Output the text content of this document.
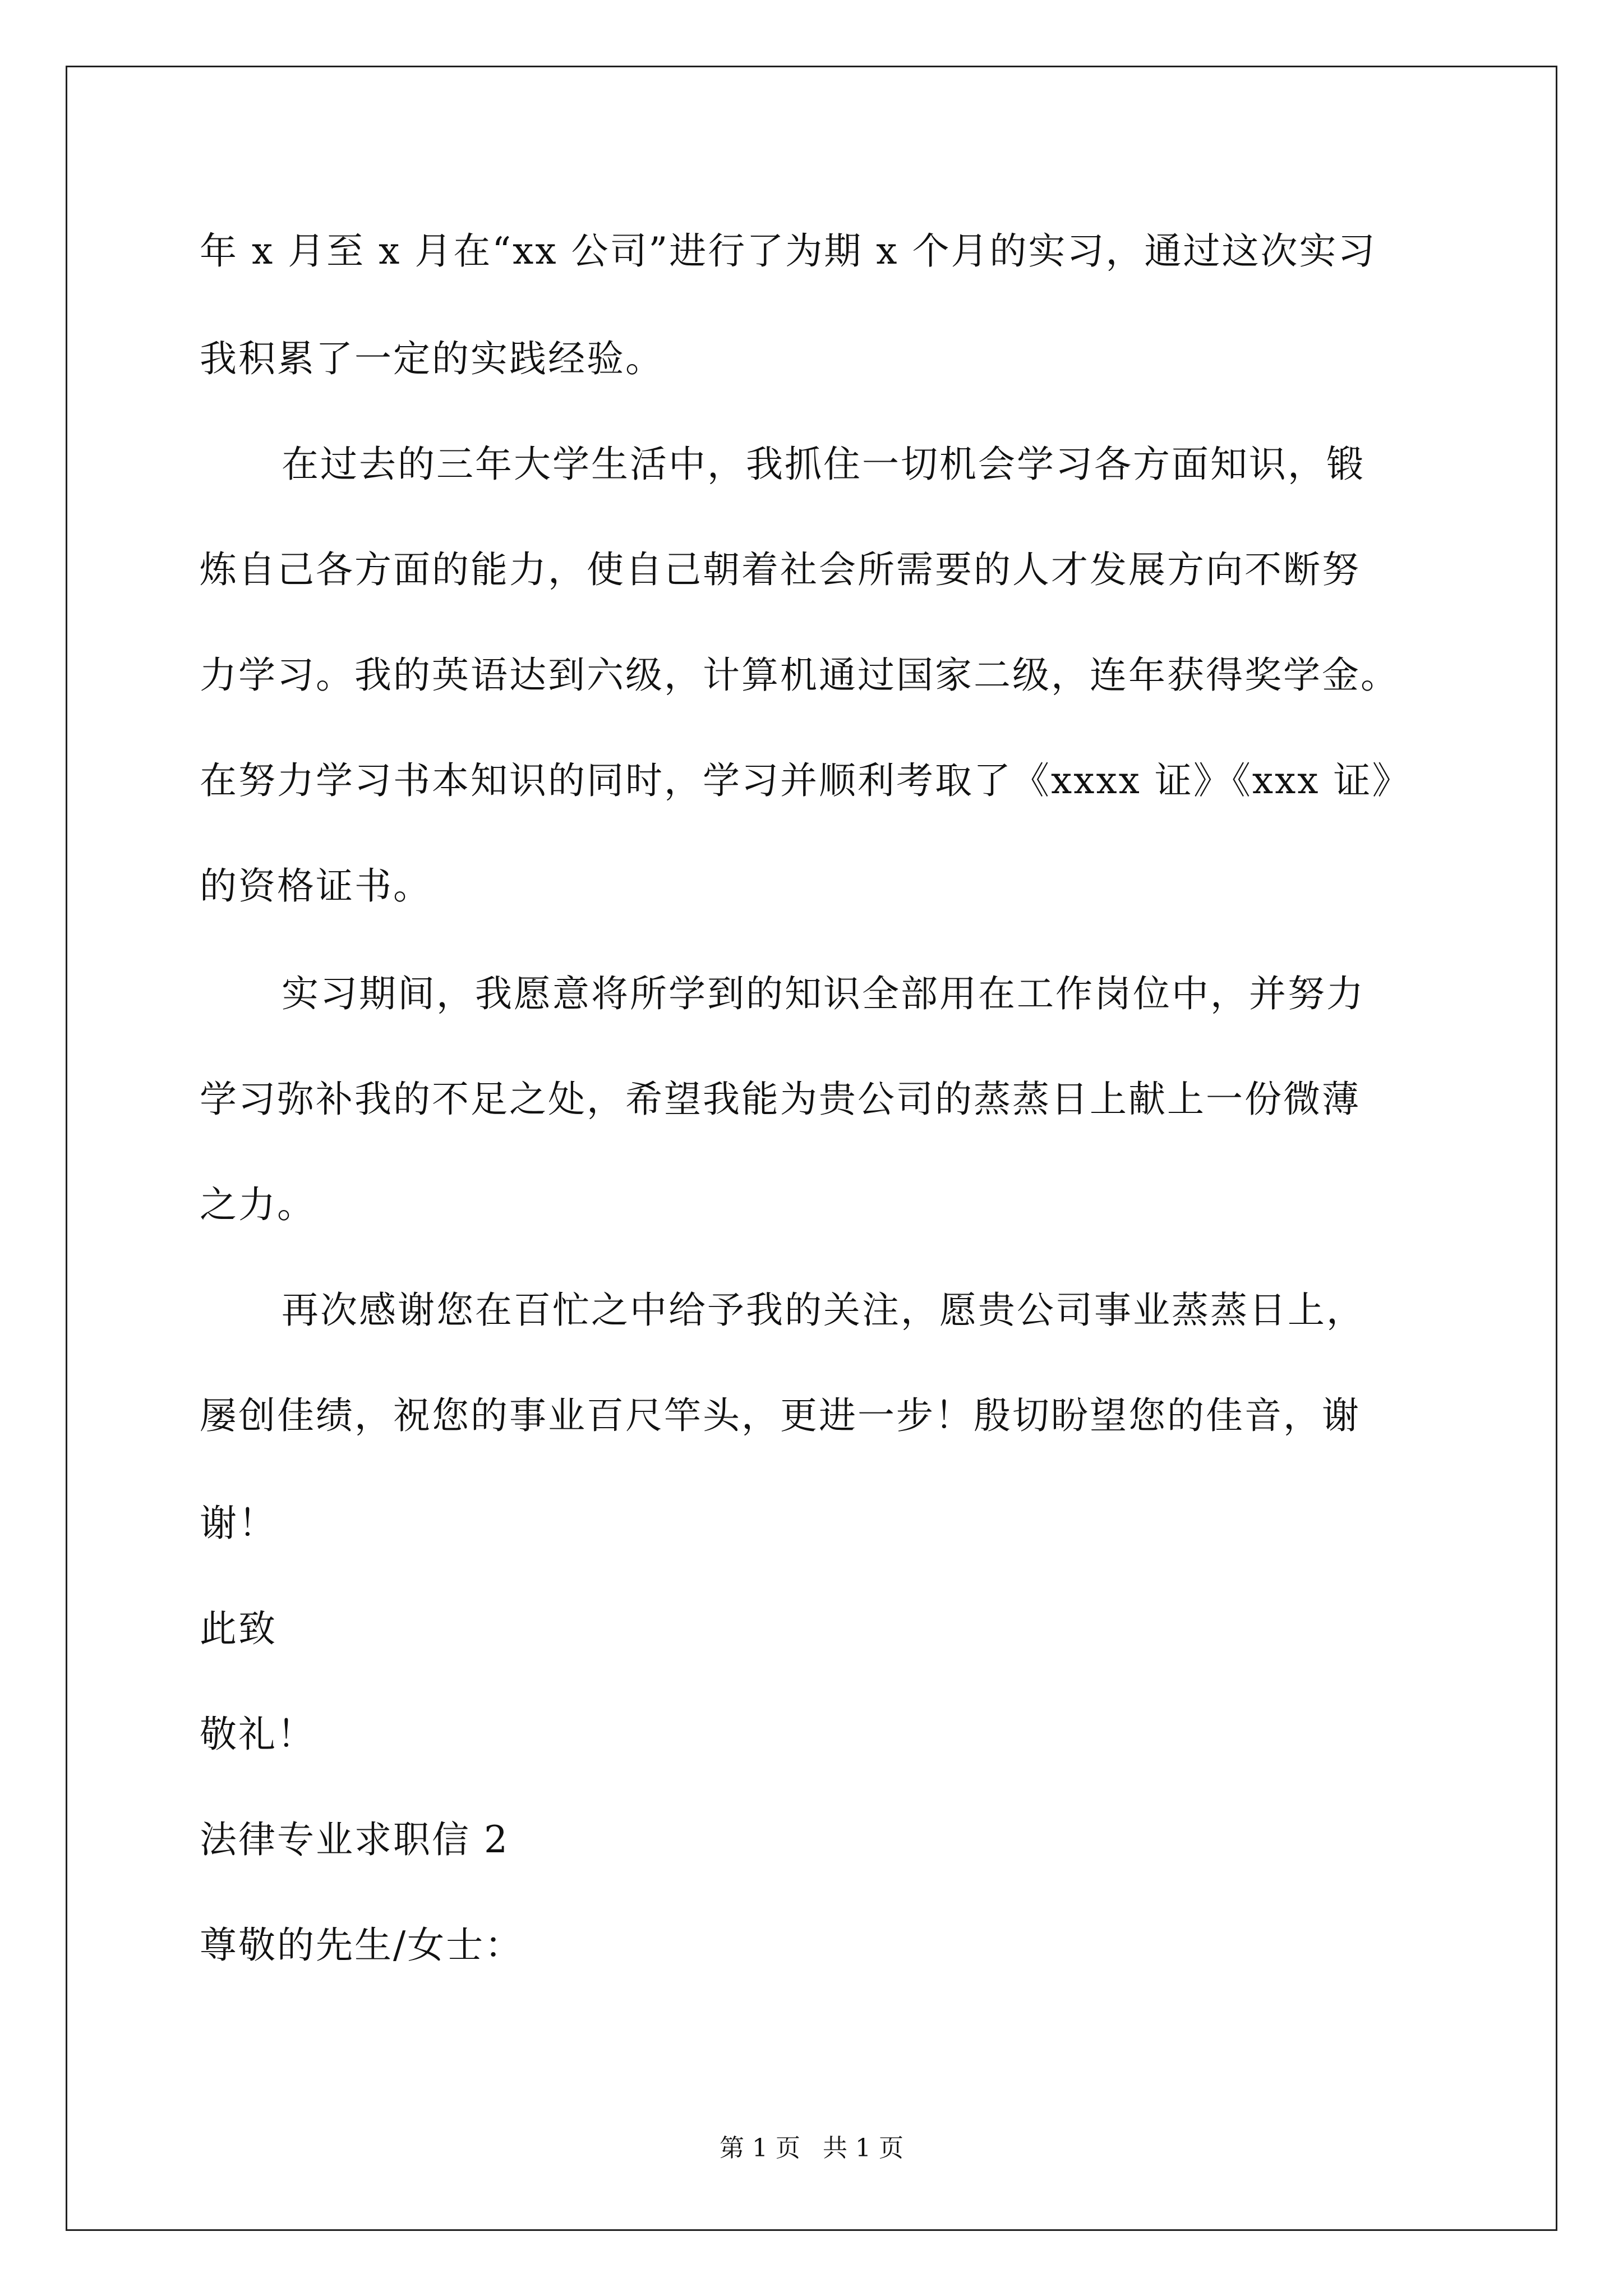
年 x 月至 x 月在“xx 公司”进行了为期 x 个月的实习，通过这次实习
我积累了一定的实践经验。
在过去的三年大学生活中，我抓住一切机会学习各方面知识，锻
炼自己各方面的能力，使自己朝着社会所需要的人才发展方向不断努
力学习。我的英语达到六级，计算机通过国家二级，连年获得奖学金。
在努力学习书本知识的同时，学习并顺利考取了《xxxx 证》《xxx 证》
的资格证书。
实习期间，我愿意将所学到的知识全部用在工作岗位中，并努力
学习弥补我的不足之处，希望我能为贵公司的蒸蒸日上献上一份微薄
之力。
再次感谢您在百忙之中给予我的关注，愿贵公司事业蒸蒸日上，
屡创佳绩，祝您的事业百尺竿头，更进一步！殷切盼望您的佳音，谢
谢！
此致
敬礼！
法律专业求职信 2
尊敬的先生/女士：
第 1 页 共 1 页
